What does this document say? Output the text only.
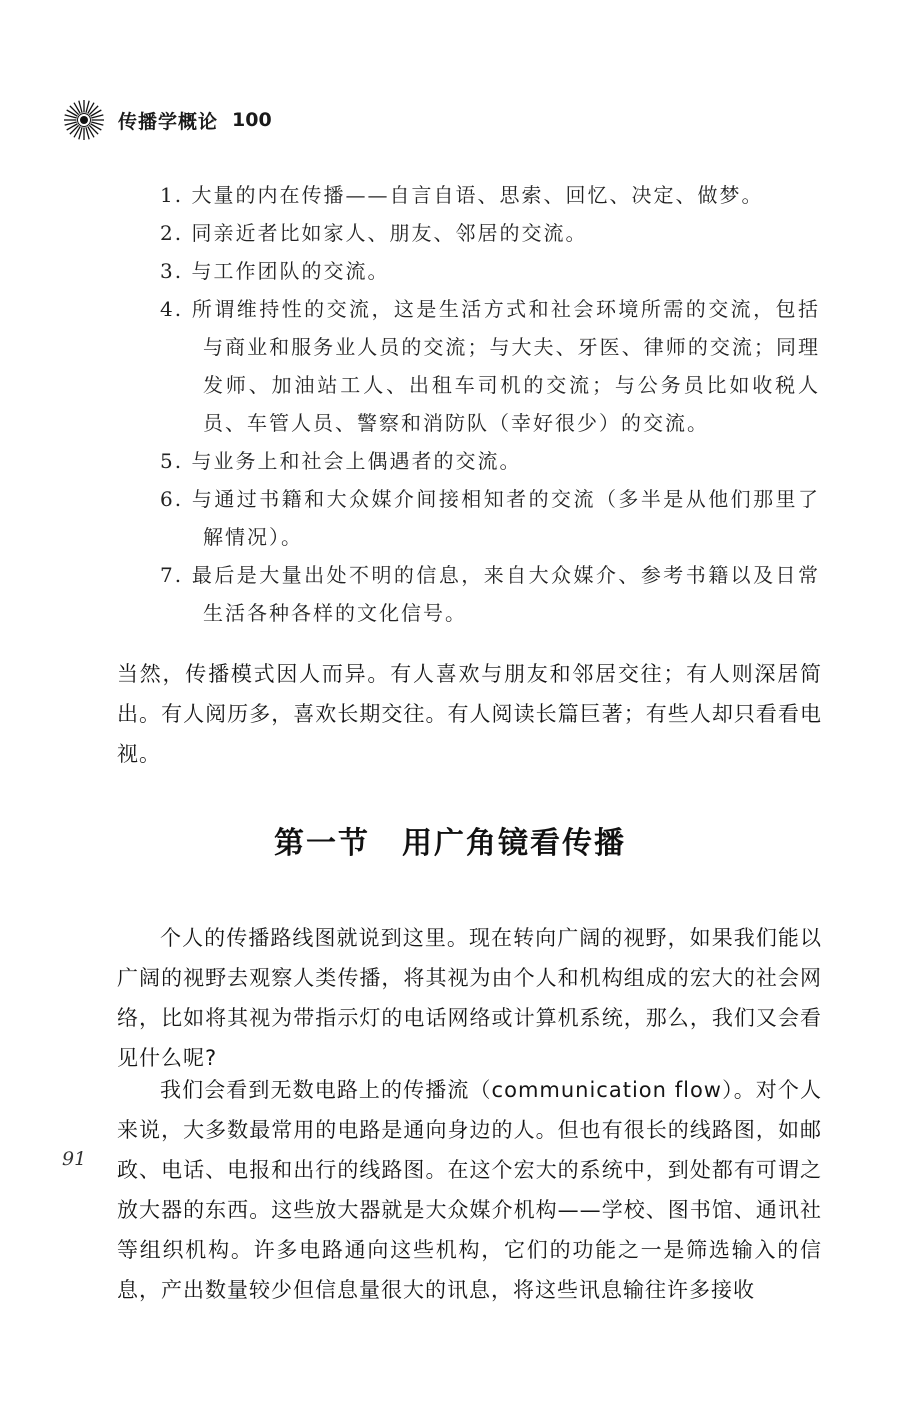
传播学概论 100

1. 大量的内在传播——自言自语、思索、回忆、决定、做梦。

2. 同亲近者比如家人、朋友、邻居的交流。

3. 与工作团队的交流。

4. 所谓维持性的交流，这是生活方式和社会环境所需的交流，包括与商业和服务业人员的交流；与大夫、牙医、律师的交流；同理发师、加油站工人、出租车司机的交流；与公务员比如收税人员、车管人员、警察和消防队（幸好很少）的交流。

5. 与业务上和社会上偶遇者的交流。

6. 与通过书籍和大众媒介间接相知者的交流（多半是从他们那里了解情况）。

7. 最后是大量出处不明的信息，来自大众媒介、参考书籍以及日常生活各种各样的文化信号。

当然，传播模式因人而异。有人喜欢与朋友和邻居交往；有人则深居简出。有人阅历多，喜欢长期交往。有人阅读长篇巨著；有些人却只看看电视。

第一节　用广角镜看传播

个人的传播路线图就说到这里。现在转向广阔的视野，如果我们能以广阔的视野去观察人类传播，将其视为由个人和机构组成的宏大的社会网络，比如将其视为带指示灯的电话网络或计算机系统，那么，我们又会看见什么呢?

我们会看到无数电路上的传播流（communication flow）。对个人来说，大多数最常用的电路是通向身边的人。但也有很长的线路图，如邮政、电话、电报和出行的线路图。在这个宏大的系统中，到处都有可谓之放大器的东西。这些放大器就是大众媒介机构——学校、图书馆、通讯社等组织机构。许多电路通向这些机构，它们的功能之一是筛选输入的信息，产出数量较少但信息量很大的讯息，将这些讯息输往许多接收

91
